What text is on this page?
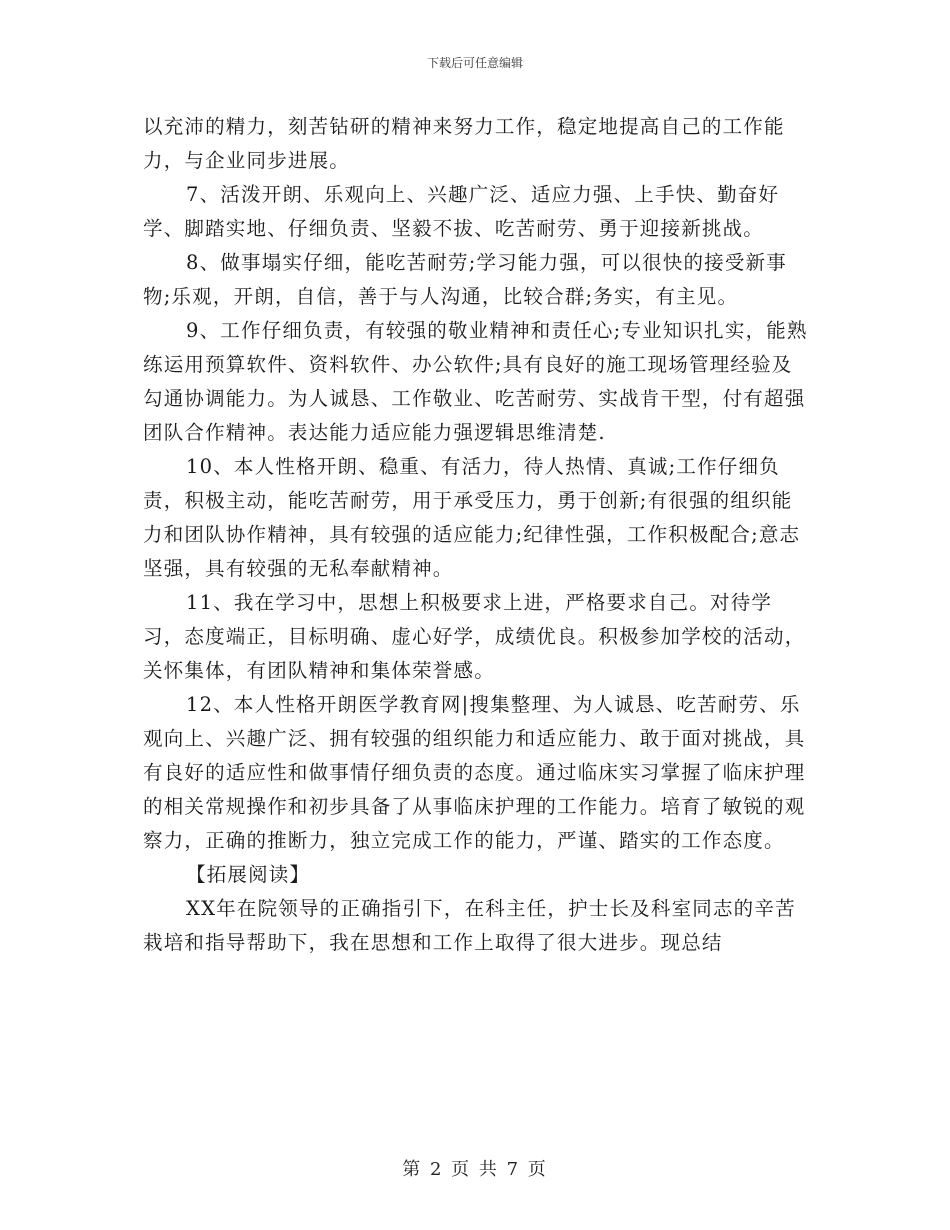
下载后可任意编辑

以充沛的精力，刻苦钻研的精神来努力工作，稳定地提高自己的工作能力，与企业同步进展。

7、活泼开朗、乐观向上、兴趣广泛、适应力强、上手快、勤奋好学、脚踏实地、仔细负责、坚毅不拔、吃苦耐劳、勇于迎接新挑战。

8、做事塌实仔细，能吃苦耐劳;学习能力强，可以很快的接受新事物;乐观，开朗，自信，善于与人沟通，比较合群;务实，有主见。

9、工作仔细负责，有较强的敬业精神和责任心;专业知识扎实，能熟练运用预算软件、资料软件、办公软件;具有良好的施工现场管理经验及勾通协调能力。为人诚恳、工作敬业、吃苦耐劳、实战肯干型，付有超强团队合作精神。表达能力适应能力强逻辑思维清楚.

10、本人性格开朗、稳重、有活力，待人热情、真诚;工作仔细负责，积极主动，能吃苦耐劳，用于承受压力，勇于创新;有很强的组织能力和团队协作精神，具有较强的适应能力;纪律性强，工作积极配合;意志坚强，具有较强的无私奉献精神。

11、我在学习中，思想上积极要求上进，严格要求自己。对待学习，态度端正，目标明确、虚心好学，成绩优良。积极参加学校的活动，关怀集体，有团队精神和集体荣誉感。

12、本人性格开朗医学教育网|搜集整理、为人诚恳、吃苦耐劳、乐观向上、兴趣广泛、拥有较强的组织能力和适应能力、敢于面对挑战，具有良好的适应性和做事情仔细负责的态度。通过临床实习掌握了临床护理的相关常规操作和初步具备了从事临床护理的工作能力。培育了敏锐的观察力，正确的推断力，独立完成工作的能力，严谨、踏实的工作态度。

【拓展阅读】

XX年在院领导的正确指引下，在科主任，护士长及科室同志的辛苦栽培和指导帮助下，我在思想和工作上取得了很大进步。现总结

第 2 页 共 7 页
